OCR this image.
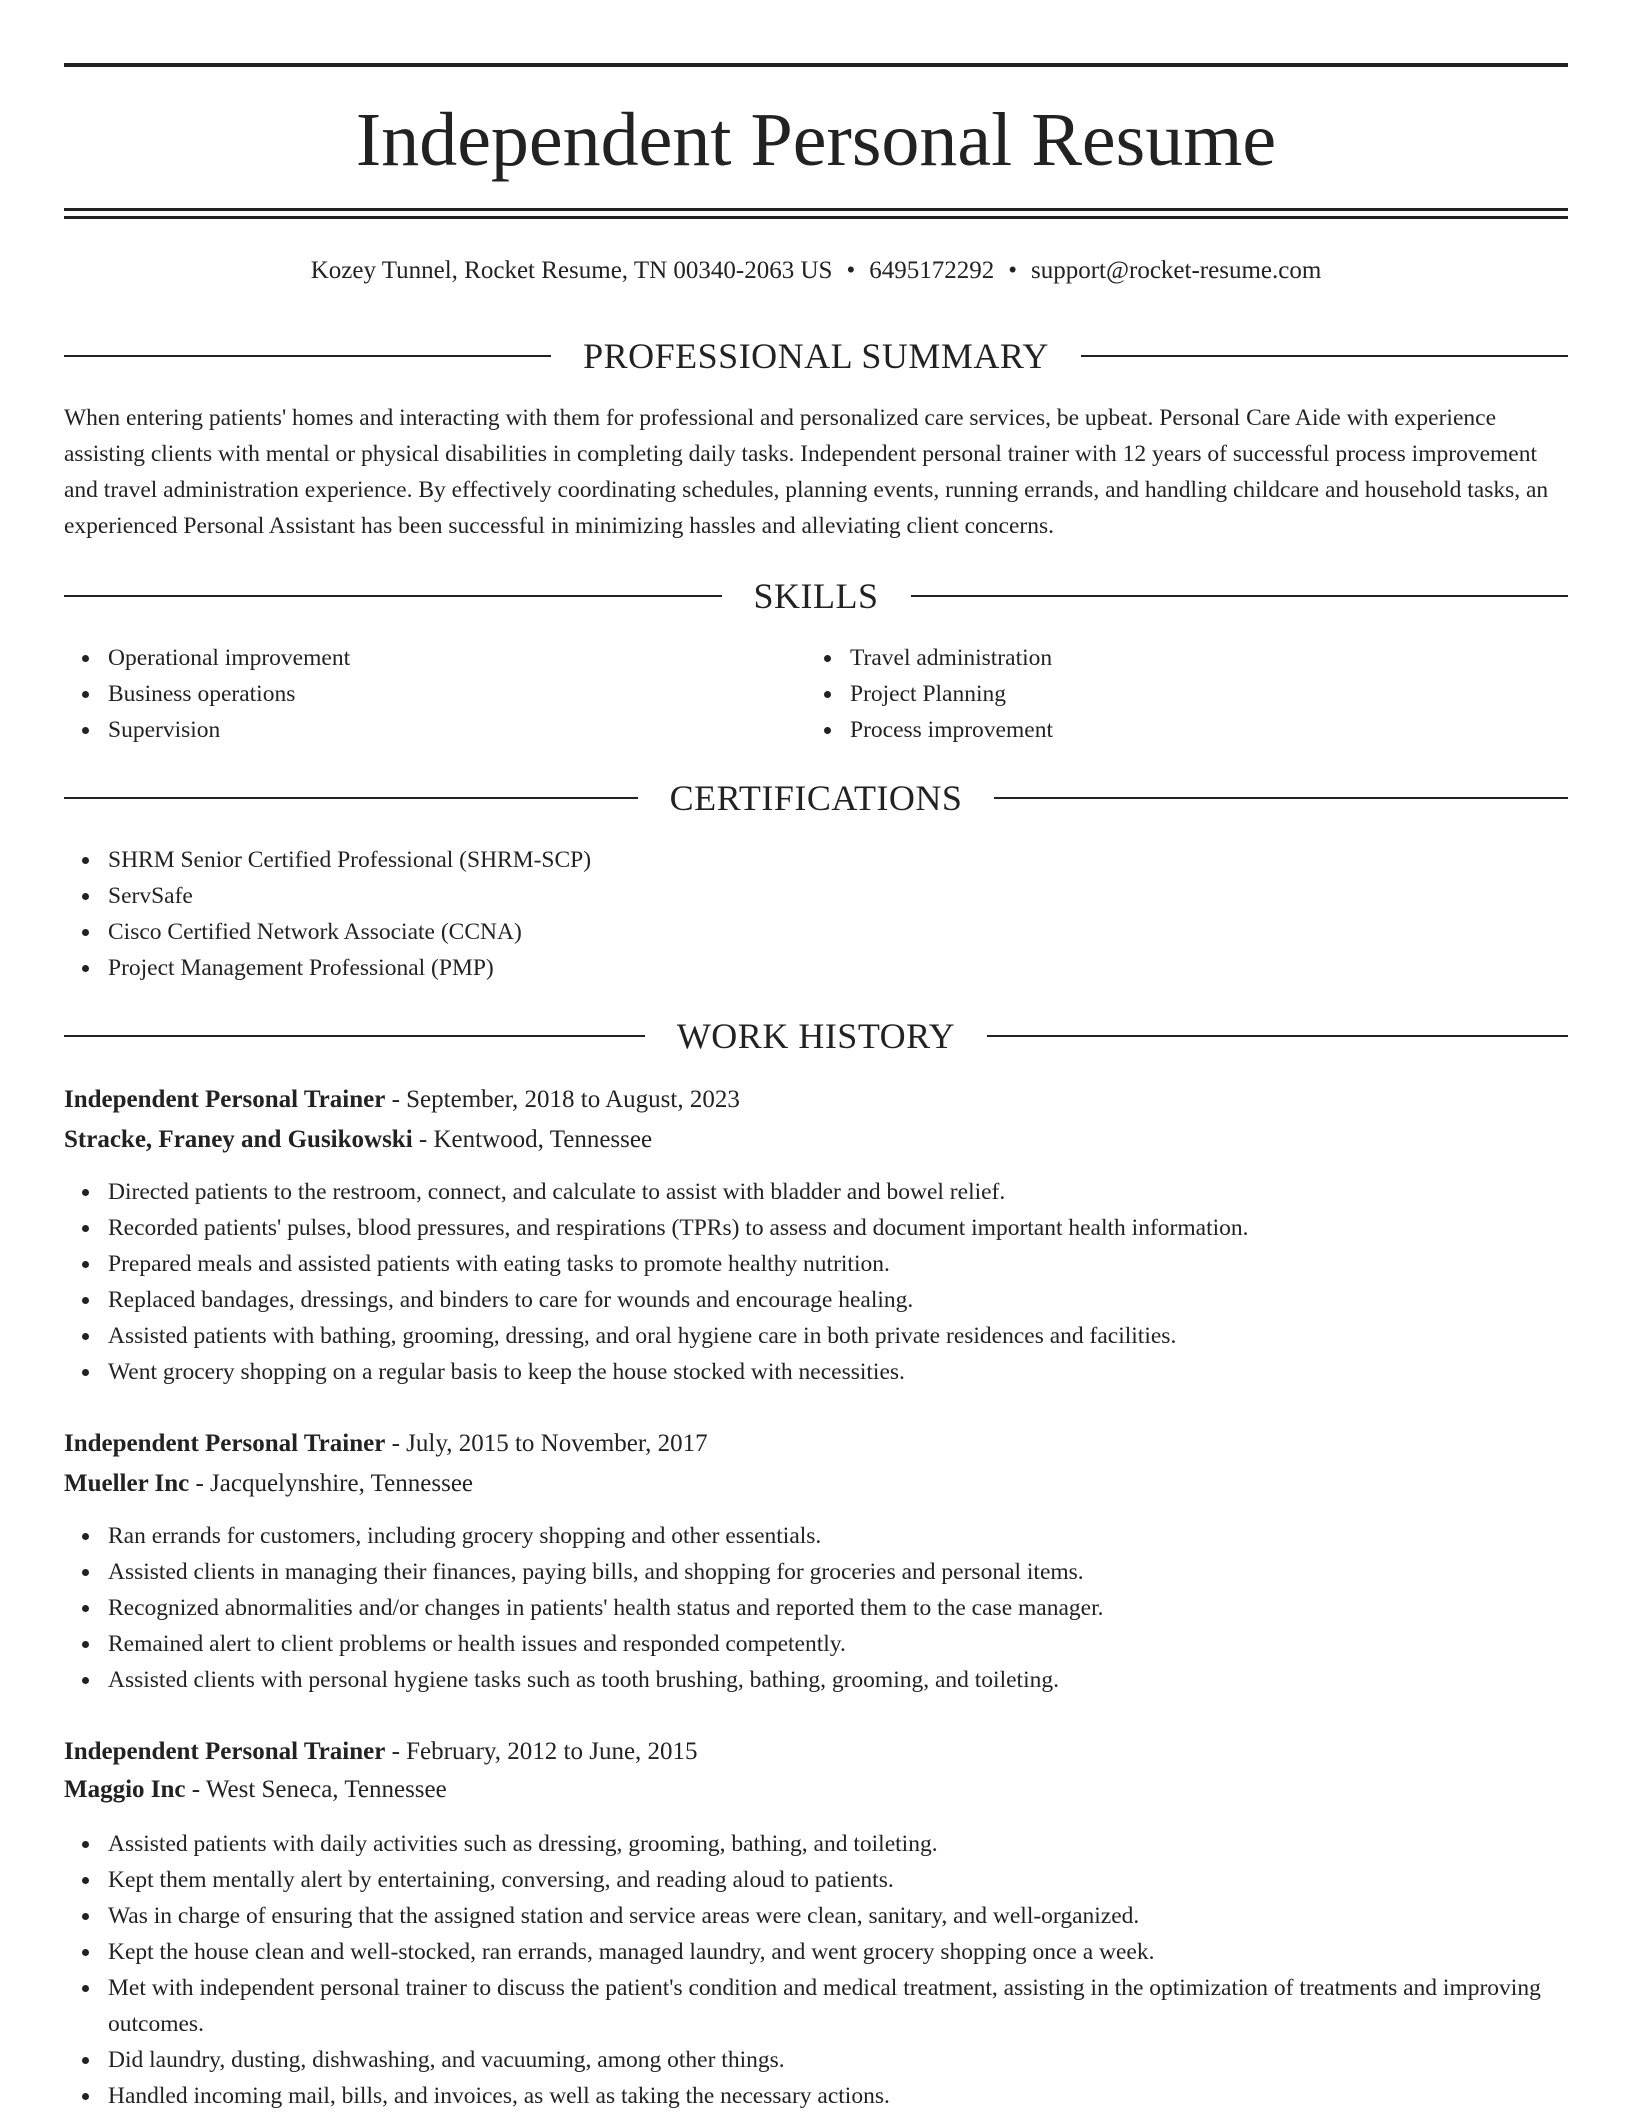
Independent Personal Resume
Kozey Tunnel, Rocket Resume, TN 00340-2063 US • 6495172292 • support@rocket-resume.com
PROFESSIONAL SUMMARY

When entering patients' homes and interacting with them for professional and personalized care services, be upbeat. Personal Care Aide with experience assisting clients with mental or physical disabilities in completing daily tasks. Independent personal trainer with 12 years of successful process improvement and travel administration experience. By effectively coordinating schedules, planning events, running errands, and handling childcare and household tasks, an experienced Personal Assistant has been successful in minimizing hassles and alleviating client concerns.

SKILLS
Operational improvement
Business operations
Supervision
Travel administration
Project Planning
Process improvement
CERTIFICATIONS
SHRM Senior Certified Professional (SHRM-SCP)
ServSafe
Cisco Certified Network Associate (CCNA)
Project Management Professional (PMP)
WORK HISTORY
Independent Personal Trainer - September, 2018 to August, 2023
Stracke, Franey and Gusikowski - Kentwood, Tennessee
Directed patients to the restroom, connect, and calculate to assist with bladder and bowel relief.
Recorded patients' pulses, blood pressures, and respirations (TPRs) to assess and document important health information.
Prepared meals and assisted patients with eating tasks to promote healthy nutrition.
Replaced bandages, dressings, and binders to care for wounds and encourage healing.
Assisted patients with bathing, grooming, dressing, and oral hygiene care in both private residences and facilities.
Went grocery shopping on a regular basis to keep the house stocked with necessities.
Independent Personal Trainer - July, 2015 to November, 2017
Mueller Inc - Jacquelynshire, Tennessee
Ran errands for customers, including grocery shopping and other essentials.
Assisted clients in managing their finances, paying bills, and shopping for groceries and personal items.
Recognized abnormalities and/or changes in patients' health status and reported them to the case manager.
Remained alert to client problems or health issues and responded competently.
Assisted clients with personal hygiene tasks such as tooth brushing, bathing, grooming, and toileting.
Independent Personal Trainer - February, 2012 to June, 2015
Maggio Inc - West Seneca, Tennessee
Assisted patients with daily activities such as dressing, grooming, bathing, and toileting.
Kept them mentally alert by entertaining, conversing, and reading aloud to patients.
Was in charge of ensuring that the assigned station and service areas were clean, sanitary, and well-organized.
Kept the house clean and well-stocked, ran errands, managed laundry, and went grocery shopping once a week.
Met with independent personal trainer to discuss the patient's condition and medical treatment, assisting in the optimization of treatments and improving outcomes.
Did laundry, dusting, dishwashing, and vacuuming, among other things.
Handled incoming mail, bills, and invoices, as well as taking the necessary actions.
